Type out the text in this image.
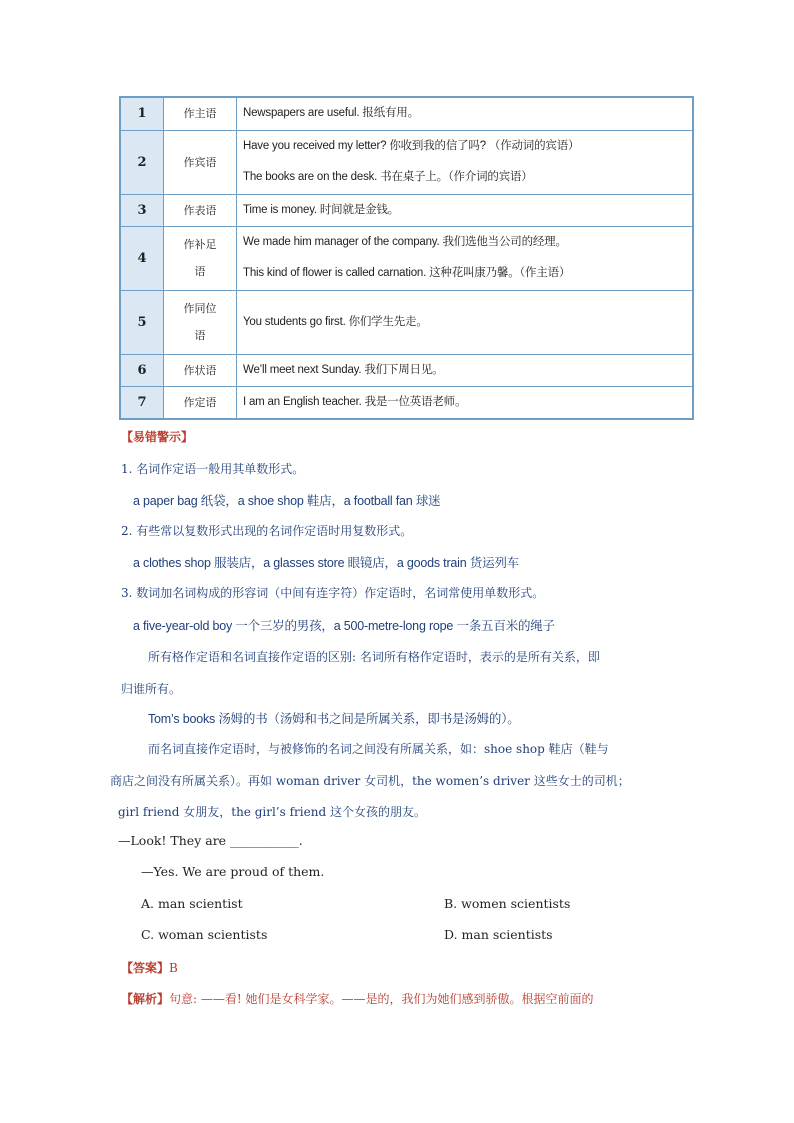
1	作主语	Newspapers are useful. 报纸有用。

2	作宾语	Have you received my letter? 你收到我的信了吗? （作动词的宾语）
The books are on the desk. 书在桌子上。（作介词的宾语）

3	作表语	Time is money. 时间就是金钱。

4	作补足语	We made him manager of the company. 我们选他当公司的经理。
This kind of flower is called carnation. 这种花叫康乃馨。（作主语）

5	作同位语	You students go first. 你们学生先走。

6	作状语	We’ll meet next Sunday. 我们下周日见。

7	作定语	I am an English teacher. 我是一位英语老师。
【易错警示】
1. 名词作定语一般用其单数形式。
a paper bag 纸袋，a shoe shop 鞋店，a football fan 球迷
2. 有些常以复数形式出现的名词作定语时用复数形式。
a clothes shop 服装店，a glasses store 眼镜店，a goods train 货运列车
3. 数词加名词构成的形容词（中间有连字符）作定语时，名词常使用单数形式。
a five-year-old boy 一个三岁的男孩，a 500-metre-long rope 一条五百米的绳子
所有格作定语和名词直接作定语的区别: 名词所有格作定语时，表示的是所有关系，即
归谁所有。
Tom’s books 汤姆的书（汤姆和书之间是所属关系，即书是汤姆的）。
而名词直接作定语时，与被修饰的名词之间没有所属关系，如：shoe shop 鞋店（鞋与
商店之间没有所属关系）。再如 woman driver 女司机，the women’s driver 这些女士的司机；
girl friend 女朋友，the girl’s friend 这个女孩的朋友。
—Look! They are ___________.
—Yes. We are proud of them.
A. man scientist	B. women scientists
C. woman scientists	D. man scientists
【答案】B
【解析】句意: ——看! 她们是女科学家。——是的，我们为她们感到骄傲。根据空前面的
